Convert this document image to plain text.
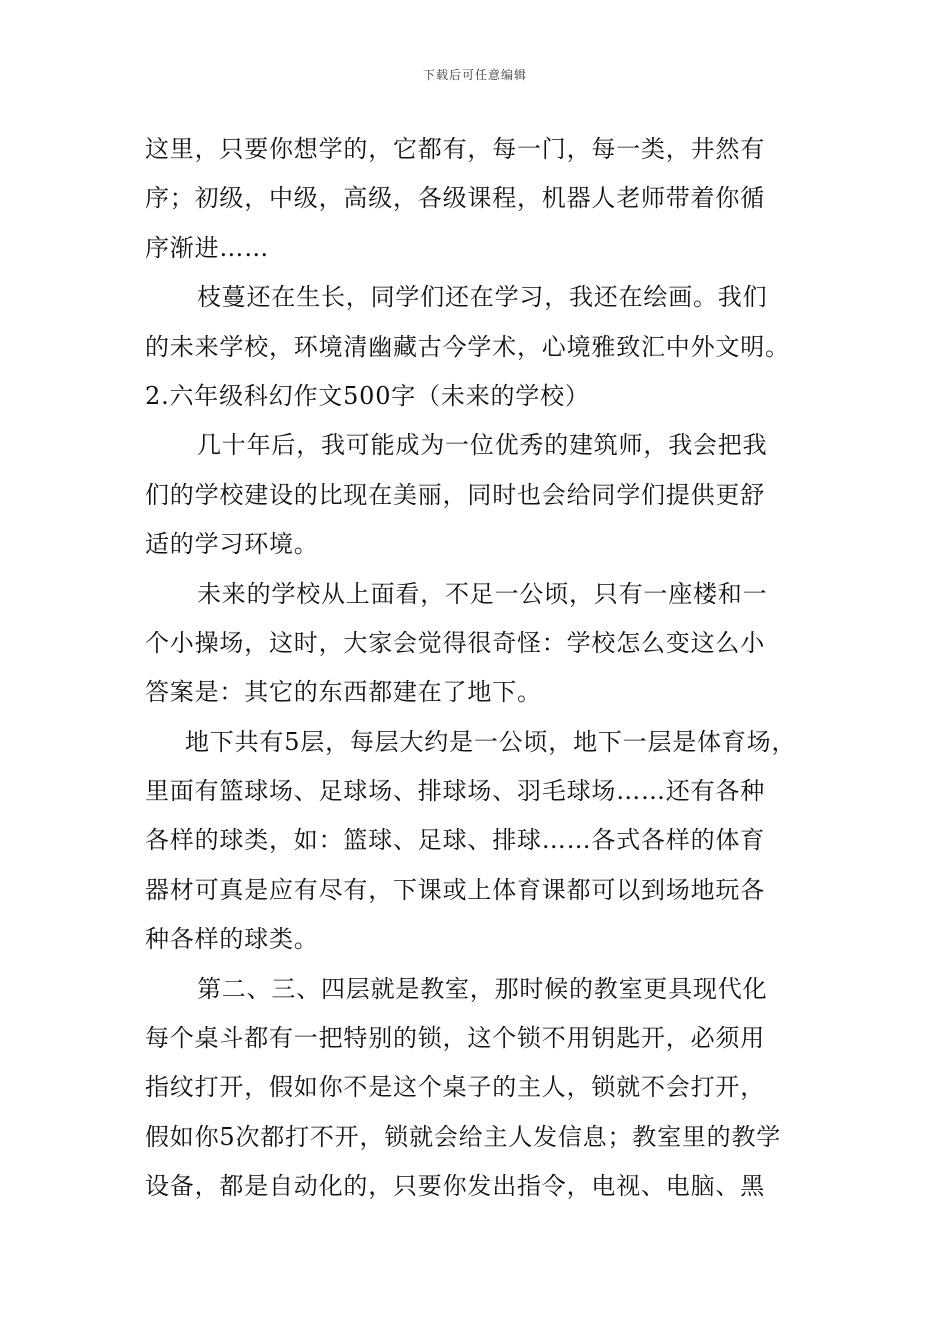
下载后可任意编辑
这里，只要你想学的，它都有，每一门，每一类，井然有
序；初级，中级，高级，各级课程，机器人老师带着你循
序渐进……
枝蔓还在生长，同学们还在学习，我还在绘画。我们
的未来学校，环境清幽藏古今学术，心境雅致汇中外文明。
2.六年级科幻作文500字（未来的学校）
几十年后，我可能成为一位优秀的建筑师，我会把我
们的学校建设的比现在美丽，同时也会给同学们提供更舒
适的学习环境。
未来的学校从上面看，不足一公顷，只有一座楼和一
个小操场，这时，大家会觉得很奇怪：学校怎么变这么小
答案是：其它的东西都建在了地下。
地下共有5层，每层大约是一公顷，地下一层是体育场，
里面有篮球场、足球场、排球场、羽毛球场……还有各种
各样的球类，如：篮球、足球、排球……各式各样的体育
器材可真是应有尽有，下课或上体育课都可以到场地玩各
种各样的球类。
第二、三、四层就是教室，那时候的教室更具现代化
每个桌斗都有一把特别的锁，这个锁不用钥匙开，必须用
指纹打开，假如你不是这个桌子的主人，锁就不会打开，
假如你5次都打不开，锁就会给主人发信息；教室里的教学
设备，都是自动化的，只要你发出指令，电视、电脑、黑
